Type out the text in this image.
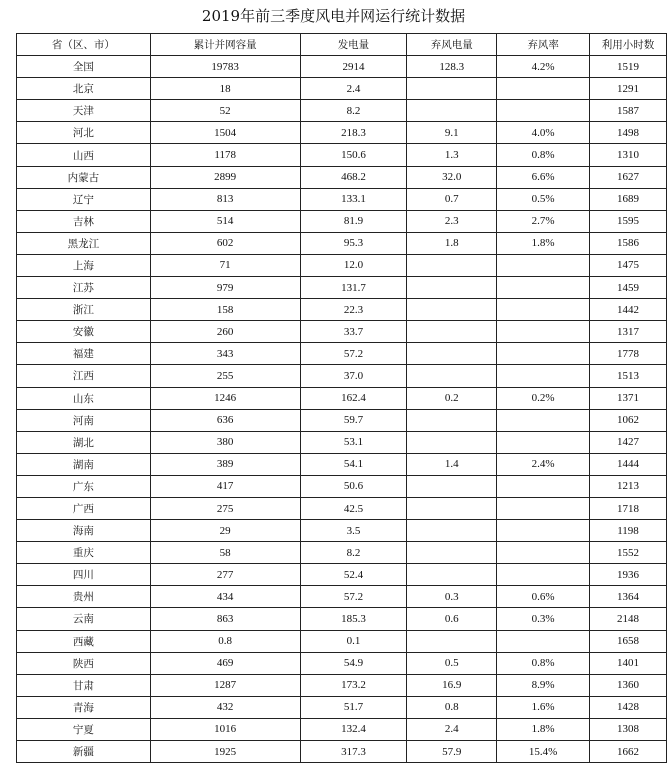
2019年前三季度风电并网运行统计数据
省（区、市）	累计并网容量	发电量	弃风电量	弃风率	利用小时数
全国	19783	2914	128.3	4.2%	1519
北京	18	2.4			1291
天津	52	8.2			1587
河北	1504	218.3	9.1	4.0%	1498
山西	1178	150.6	1.3	0.8%	1310
内蒙古	2899	468.2	32.0	6.6%	1627
辽宁	813	133.1	0.7	0.5%	1689
吉林	514	81.9	2.3	2.7%	1595
黑龙江	602	95.3	1.8	1.8%	1586
上海	71	12.0			1475
江苏	979	131.7			1459
浙江	158	22.3			1442
安徽	260	33.7			1317
福建	343	57.2			1778
江西	255	37.0			1513
山东	1246	162.4	0.2	0.2%	1371
河南	636	59.7			1062
湖北	380	53.1			1427
湖南	389	54.1	1.4	2.4%	1444
广东	417	50.6			1213
广西	275	42.5			1718
海南	29	3.5			1198
重庆	58	8.2			1552
四川	277	52.4			1936
贵州	434	57.2	0.3	0.6%	1364
云南	863	185.3	0.6	0.3%	2148
西藏	0.8	0.1			1658
陕西	469	54.9	0.5	0.8%	1401
甘肃	1287	173.2	16.9	8.9%	1360
青海	432	51.7	0.8	1.6%	1428
宁夏	1016	132.4	2.4	1.8%	1308
新疆	1925	317.3	57.9	15.4%	1662
